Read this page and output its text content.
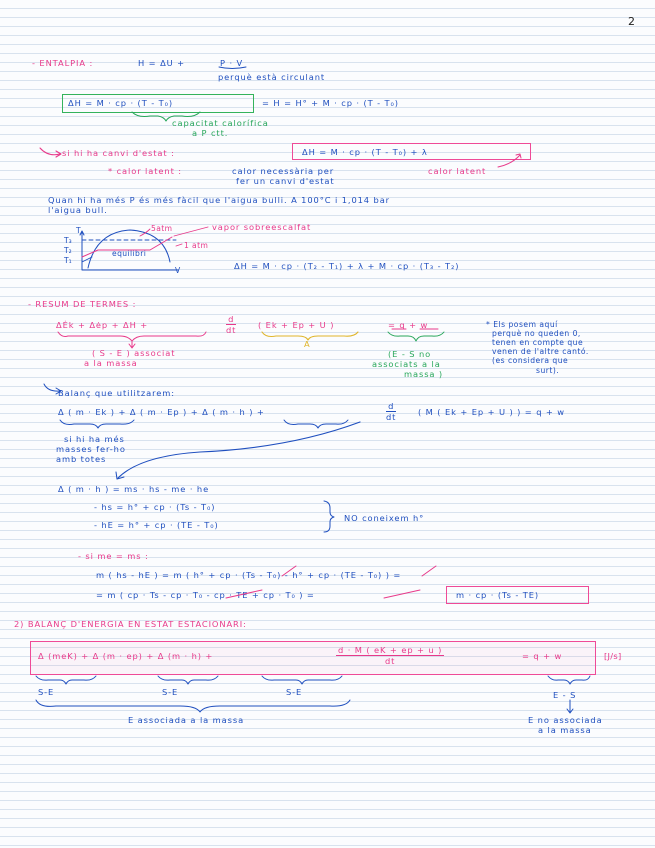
2
- ENTALPIA :	H = ΔU +	P · V
perquè està circulant
ΔH = M · cp · (T - T₀)	= H = H° + M · cp · (T - T₀)
capacitat calorífica
a P ctt.
si hi ha canvi d'estat :	ΔH = M · cp · (T - T₀) + λ
* calor latent :	calor necessària per
fer un canvi d'estat
calor latent
Quan hi ha més P és més fàcil que l'aigua bulli. A 100°C i 1,014 bar
l'aigua bull.
T
T₃
T₂
T₁
V
5atm
1 atm
equilibri
vapor sobreescalfat
ΔH = M · cp · (T₂ - T₁) + λ + M · cp · (T₃ - T₂)
- RESUM DE TERMES :
ΔĖk + Δėp + ΔH +	$\frac{d}{dt}$	( Ek + Ep + U )	= q + w
( S - E ) associat
a la massa
A
(E - S no
associats a la
massa )
* Els posem aquí
perquè no queden 0,
tenen en compte que
venen de l'altre cantó.
(es considera que
surt).
Balanç que utilitzarem:
Δ ( m · Ek ) + Δ ( m · Ep ) + Δ ( m · h ) +	$\frac{d}{dt}$	( M ( Ek + Ep + U ) ) = q + w
si hi ha més
masses fer-ho
amb totes
Δ ( m · h ) = ms · hs - me · he
- hs = h° + cp · (Ts - T₀)
- hE = h° + cp · (TE - T₀)
NO coneixem h°
- si me = ms :
m ( hs - hE ) = m ( h° + cp · (Ts - T₀) - h° + cp · (TE - T₀) ) =
= m ( cp · Ts - cp · T₀ - cp · TE + cp · T₀ ) =	m · cp · (Ts - TE)
2) BALANÇ D'ENERGIA EN ESTAT ESTACIONARI:
Δ (meK) + Δ (m · ep) + Δ (m · h) +	$\frac{d \cdot M ( eK + ep + u )}{dt}$	= q + w	[J/s]
S-E	S-E	S-E	E - S
E associada a la massa	E no associada
a la massa
